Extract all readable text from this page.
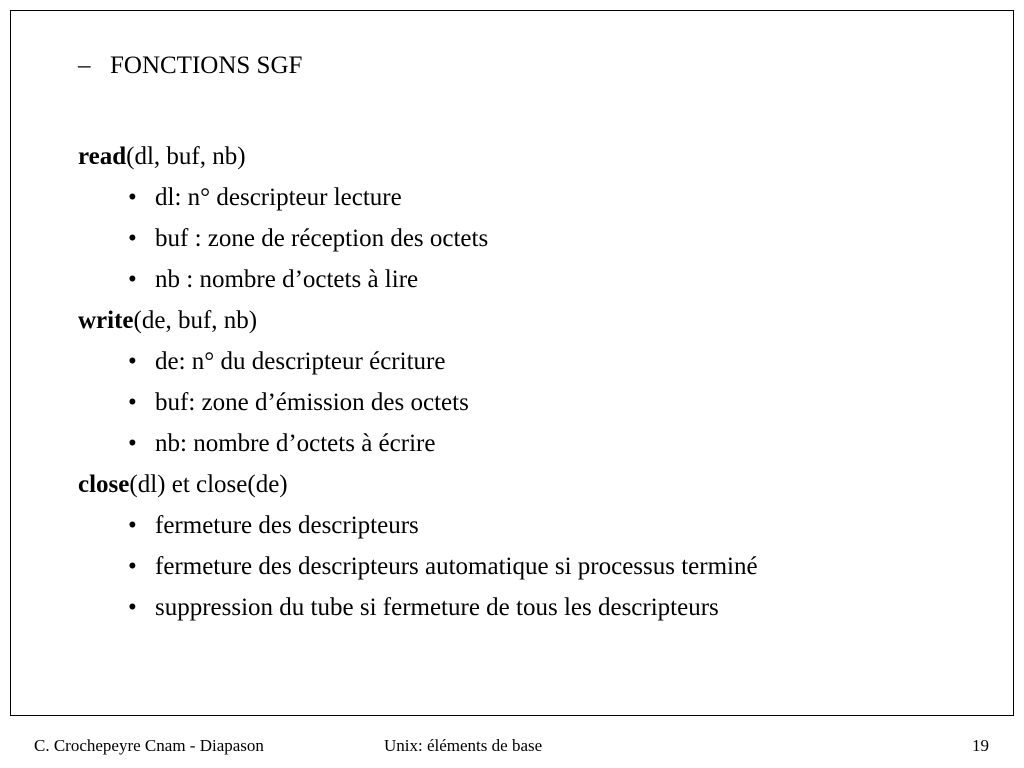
– FONCTIONS SGF
read(dl, buf, nb)
• dl: n° descripteur lecture
• buf : zone de réception des octets
• nb : nombre d’octets à lire
write(de, buf, nb)
• de: n° du descripteur écriture
• buf: zone d’émission des octets
• nb: nombre d’octets à écrire
close(dl) et close(de)
• fermeture des descripteurs
• fermeture des descripteurs automatique si processus terminé
• suppression du tube si fermeture de tous les descripteurs
C. Crochepeyre Cnam - Diapason	Unix: éléments de base	19
